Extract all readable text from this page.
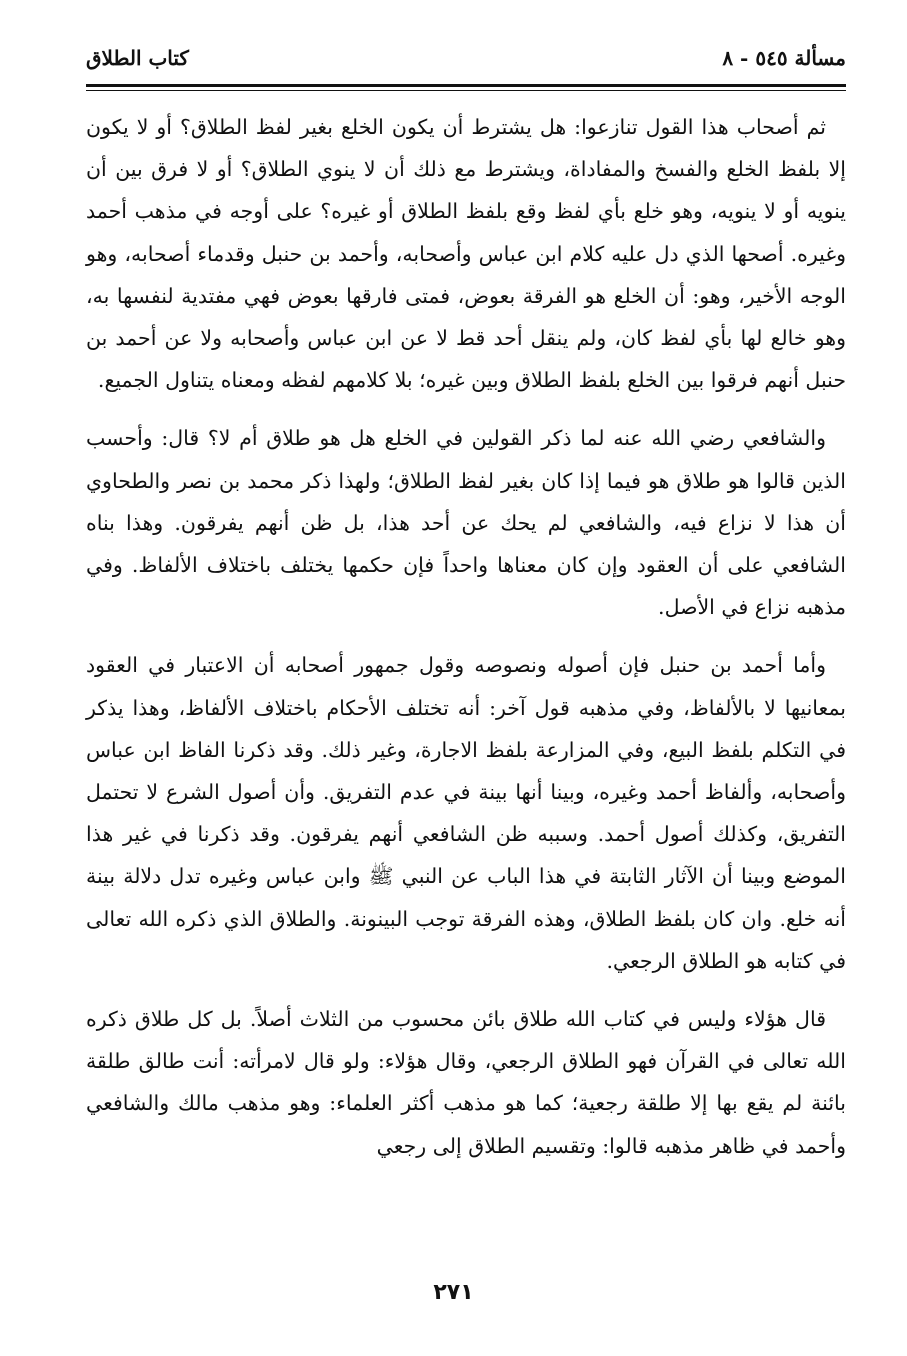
مسألة ٥٤٥ - ٨
كتاب الطلاق

ثم أصحاب هذا القول تنازعوا: هل يشترط أن يكون الخلع بغير لفظ الطلاق؟ أو لا يكون إلا بلفظ الخلع والفسخ والمفاداة، ويشترط مع ذلك أن لا ينوي الطلاق؟ أو لا فرق بين أن ينويه أو لا ينويه، وهو خلع بأي لفظ وقع بلفظ الطلاق أو غيره؟ على أوجه في مذهب أحمد وغيره. أصحها الذي دل عليه كلام ابن عباس وأصحابه، وأحمد بن حنبل وقدماء أصحابه، وهو الوجه الأخير، وهو: أن الخلع هو الفرقة بعوض، فمتى فارقها بعوض فهي مفتدية لنفسها به، وهو خالع لها بأي لفظ كان، ولم ينقل أحد قط لا عن ابن عباس وأصحابه ولا عن أحمد بن حنبل أنهم فرقوا بين الخلع بلفظ الطلاق وبين غيره؛ بلا كلامهم لفظه ومعناه يتناول الجميع.

والشافعي رضي الله عنه لما ذكر القولين في الخلع هل هو طلاق أم لا؟ قال: وأحسب الذين قالوا هو طلاق هو فيما إذا كان بغير لفظ الطلاق؛ ولهذا ذكر محمد بن نصر والطحاوي أن هذا لا نزاع فيه، والشافعي لم يحك عن أحد هذا، بل ظن أنهم يفرقون. وهذا بناه الشافعي على أن العقود وإن كان معناها واحداً فإن حكمها يختلف باختلاف الألفاظ. وفي مذهبه نزاع في الأصل.

وأما أحمد بن حنبل فإن أصوله ونصوصه وقول جمهور أصحابه أن الاعتبار في العقود بمعانيها لا بالألفاظ، وفي مذهبه قول آخر: أنه تختلف الأحكام باختلاف الألفاظ، وهذا يذكر في التكلم بلفظ البيع، وفي المزارعة بلفظ الاجارة، وغير ذلك. وقد ذكرنا الفاظ ابن عباس وأصحابه، وألفاظ أحمد وغيره، وبينا أنها بينة في عدم التفريق. وأن أصول الشرع لا تحتمل التفريق، وكذلك أصول أحمد. وسببه ظن الشافعي أنهم يفرقون. وقد ذكرنا في غير هذا الموضع وبينا أن الآثار الثابتة في هذا الباب عن النبي ﷺ وابن عباس وغيره تدل دلالة بينة أنه خلع. وان كان بلفظ الطلاق، وهذه الفرقة توجب البينونة. والطلاق الذي ذكره الله تعالى في كتابه هو الطلاق الرجعي.

قال هؤلاء وليس في كتاب الله طلاق بائن محسوب من الثلاث أصلاً. بل كل طلاق ذكره الله تعالى في القرآن فهو الطلاق الرجعي، وقال هؤلاء: ولو قال لامرأته: أنت طالق طلقة بائنة لم يقع بها إلا طلقة رجعية؛ كما هو مذهب أكثر العلماء: وهو مذهب مالك والشافعي وأحمد في ظاهر مذهبه قالوا: وتقسيم الطلاق إلى رجعي

٢٧١
